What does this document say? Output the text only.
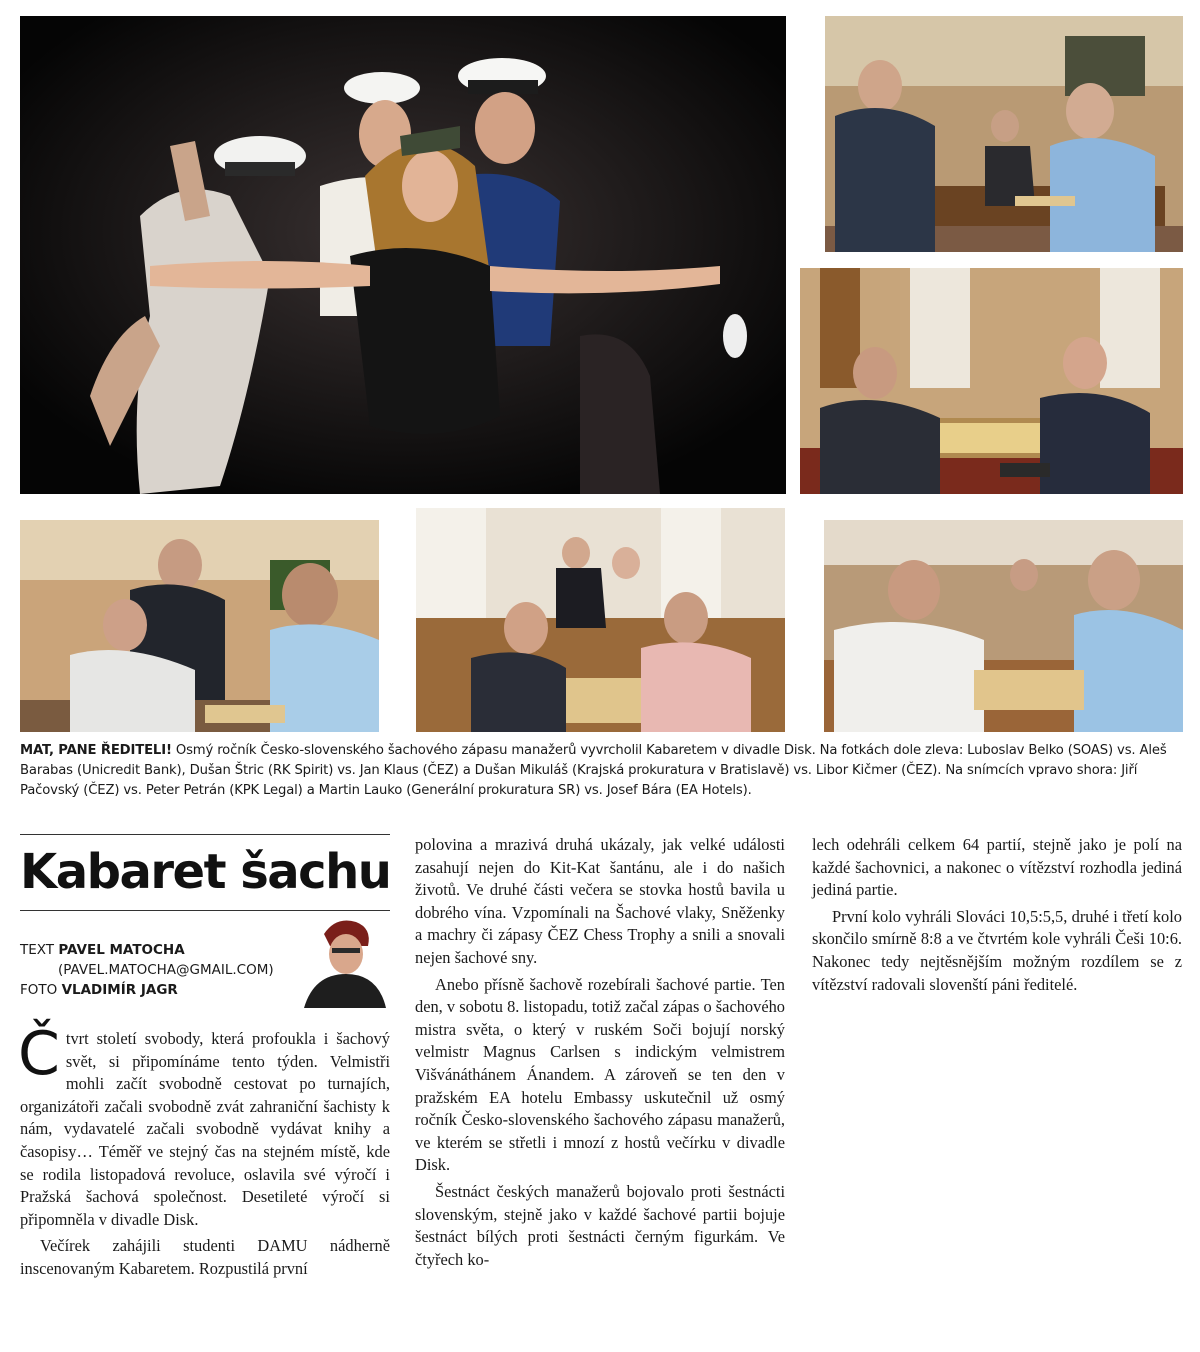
MAT, PANE ŘEDITELI! Osmý ročník Česko-slovenského šachového zápasu manažerů vyvrcholil Kabaretem v divadle Disk. Na fotkách dole zleva: Luboslav Belko (SOAS) vs. Aleš Barabas (Unicredit Bank), Dušan Štric (RK Spirit) vs. Jan Klaus (ČEZ) a Dušan Mikuláš (Krajská prokuratura v Bratislavě) vs. Libor Kičmer (ČEZ). Na snímcích vpravo shora: Jiří Pačovský (ČEZ) vs. Peter Petrán (KPK Legal) a Martin Lauko (Generální prokuratura SR) vs. Josef Bára (EA Hotels).
Kabaret šachu
TEXT PAVEL MATOCHA
(PAVEL.MATOCHA@GMAIL.COM)
FOTO VLADIMÍR JAGR

Čtvrt století svobody, která profoukla i šachový svět, si připomínáme tento týden. Velmistři mohli začít svobodně cestovat po turnajích, organizátoři začali svobodně zvát zahraniční šachisty k nám, vydavatelé začali svobodně vydávat knihy a časopisy… Téměř ve stejný čas na stejném místě, kde se rodila listopadová revoluce, oslavila své výročí i Pražská šachová společnost. Desetileté výročí si připomněla v divadle Disk.

Večírek zahájili studenti DAMU nádherně inscenovaným Kabaretem. Rozpustilá první

polovina a mrazivá druhá ukázaly, jak velké události zasahují nejen do Kit-Kat šantánu, ale i do našich životů. Ve druhé části večera se stovka hostů bavila u dobrého vína. Vzpomínali na Šachové vlaky, Sněženky a machry či zápasy ČEZ Chess Trophy a snili a snovali nejen šachové sny.

Anebo přísně šachově rozebírali šachové partie. Ten den, v sobotu 8. listopadu, totiž začal zápas o šachového mistra světa, o který v ruském Soči bojují norský velmistr Magnus Carlsen s indickým velmistrem Višvánáthánem Ánandem. A zároveň se ten den v pražském EA hotelu Embassy uskutečnil už osmý ročník Česko-slovenského šachového zápasu manažerů, ve kterém se střetli i mnozí z hostů večírku v divadle Disk.

Šestnáct českých manažerů bojovalo proti šestnácti slovenským, stejně jako v každé šachové partii bojuje šestnáct bílých proti šestnácti černým figurkám. Ve čtyřech ko-

lech odehráli celkem 64 partií, stejně jako je polí na každé šachovnici, a nakonec o vítězství rozhodla jediná jediná partie.

První kolo vyhráli Slováci 10,5:5,5, druhé i třetí kolo skončilo smírně 8:8 a ve čtvrtém kole vyhráli Češi 10:6. Nakonec tedy nejtěsnějším možným rozdílem se z vítězství radovali slovenští páni ředitelé.
